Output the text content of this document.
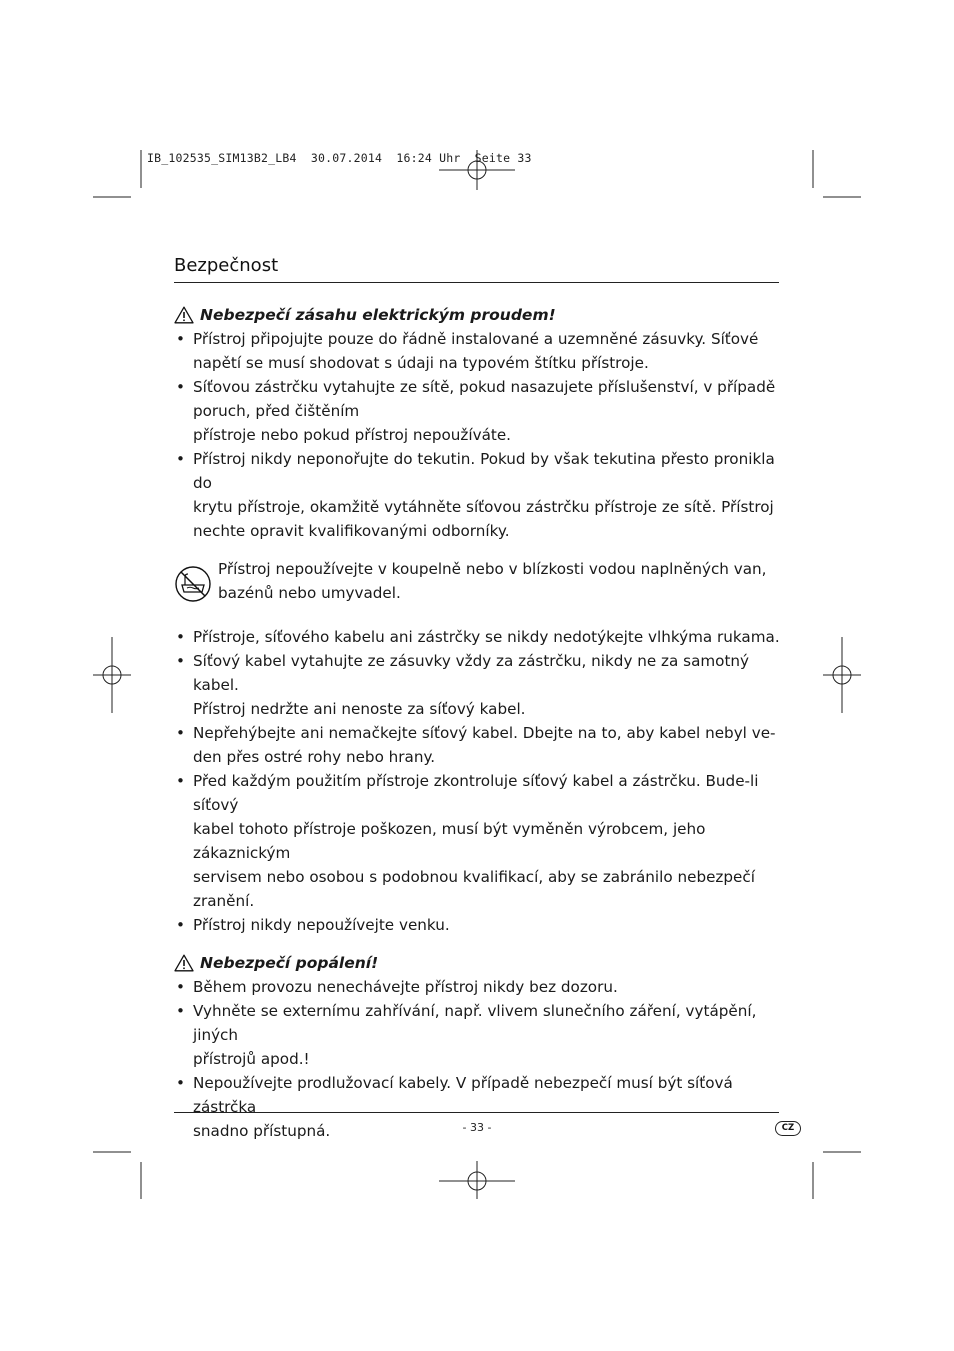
IB_102535_SIM13B2_LB4  30.07.2014  16:24 Uhr  Seite 33
Bezpečnost
Nebezpečí zásahu elektrickým proudem!
• Přístroj připojujte pouze do řádně instalované a uzemněné zásuvky. Síťové
napětí se musí shodovat s údaji na typovém štítku přístroje.
• Síťovou zástrčku vytahujte ze sítě, pokud nasazujete příslušenství, v případě
poruch, před čištěním
přístroje nebo pokud přístroj nepoužíváte.
• Přístroj nikdy neponořujte do tekutin. Pokud by však tekutina přesto pronikla do
krytu přístroje, okamžitě vytáhněte síťovou zástrčku přístroje ze sítě. Přístroj
nechte opravit kvalifikovanými odborníky.
Přístroj nepoužívejte v koupelně nebo v blízkosti vodou naplněných van,
bazénů nebo umyvadel.
• Přístroje, síťového kabelu ani zástrčky se nikdy nedotýkejte vlhkýma rukama.
• Síťový kabel vytahujte ze zásuvky vždy za zástrčku, nikdy ne za samotný kabel.
Přístroj nedržte ani nenoste za síťový kabel.
• Nepřehýbejte ani nemačkejte síťový kabel. Dbejte na to, aby kabel nebyl ve-
den přes ostré rohy nebo hrany.
• Před každým použitím přístroje zkontroluje síťový kabel a zástrčku. Bude-li síťový
kabel tohoto přístroje poškozen, musí být vyměněn výrobcem, jeho zákaznickým
servisem nebo osobou s podobnou kvalifikací, aby se zabránilo nebezpečí
zranění.
• Přístroj nikdy nepoužívejte venku.
Nebezpečí popálení!
• Během provozu nenechávejte přístroj nikdy bez dozoru.
• Vyhněte se externímu zahřívání, např. vlivem slunečního záření, vytápění, jiných
přístrojů apod.!
• Nepoužívejte prodlužovací kabely. V případě nebezpečí musí být síťová zástrčka
snadno přístupná.	- 33 -	CZ
